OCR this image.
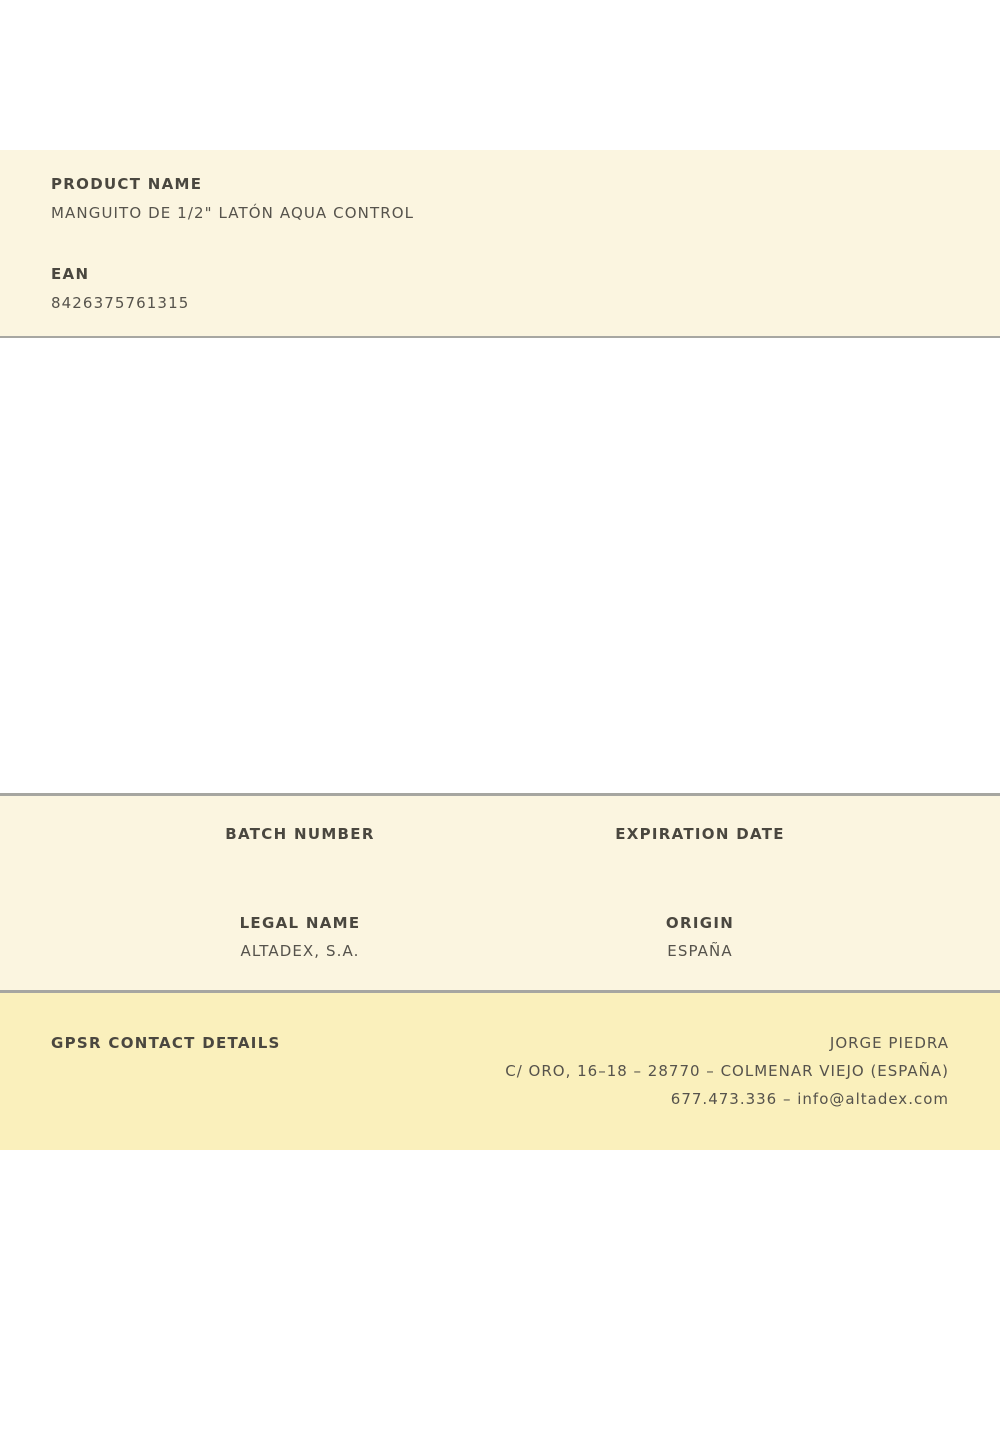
PRODUCT NAME
MANGUITO DE 1/2" LATÓN AQUA CONTROL
EAN
8426375761315
BATCH NUMBER	EXPIRATION DATE
LEGAL NAME
ALTADEX, S.A.
ORIGIN
ESPAÑA
GPSR CONTACT DETAILS	JORGE PIEDRA
C/ ORO, 16–18 – 28770 – COLMENAR VIEJO (ESPAÑA)
677.473.336 – info@altadex.com
